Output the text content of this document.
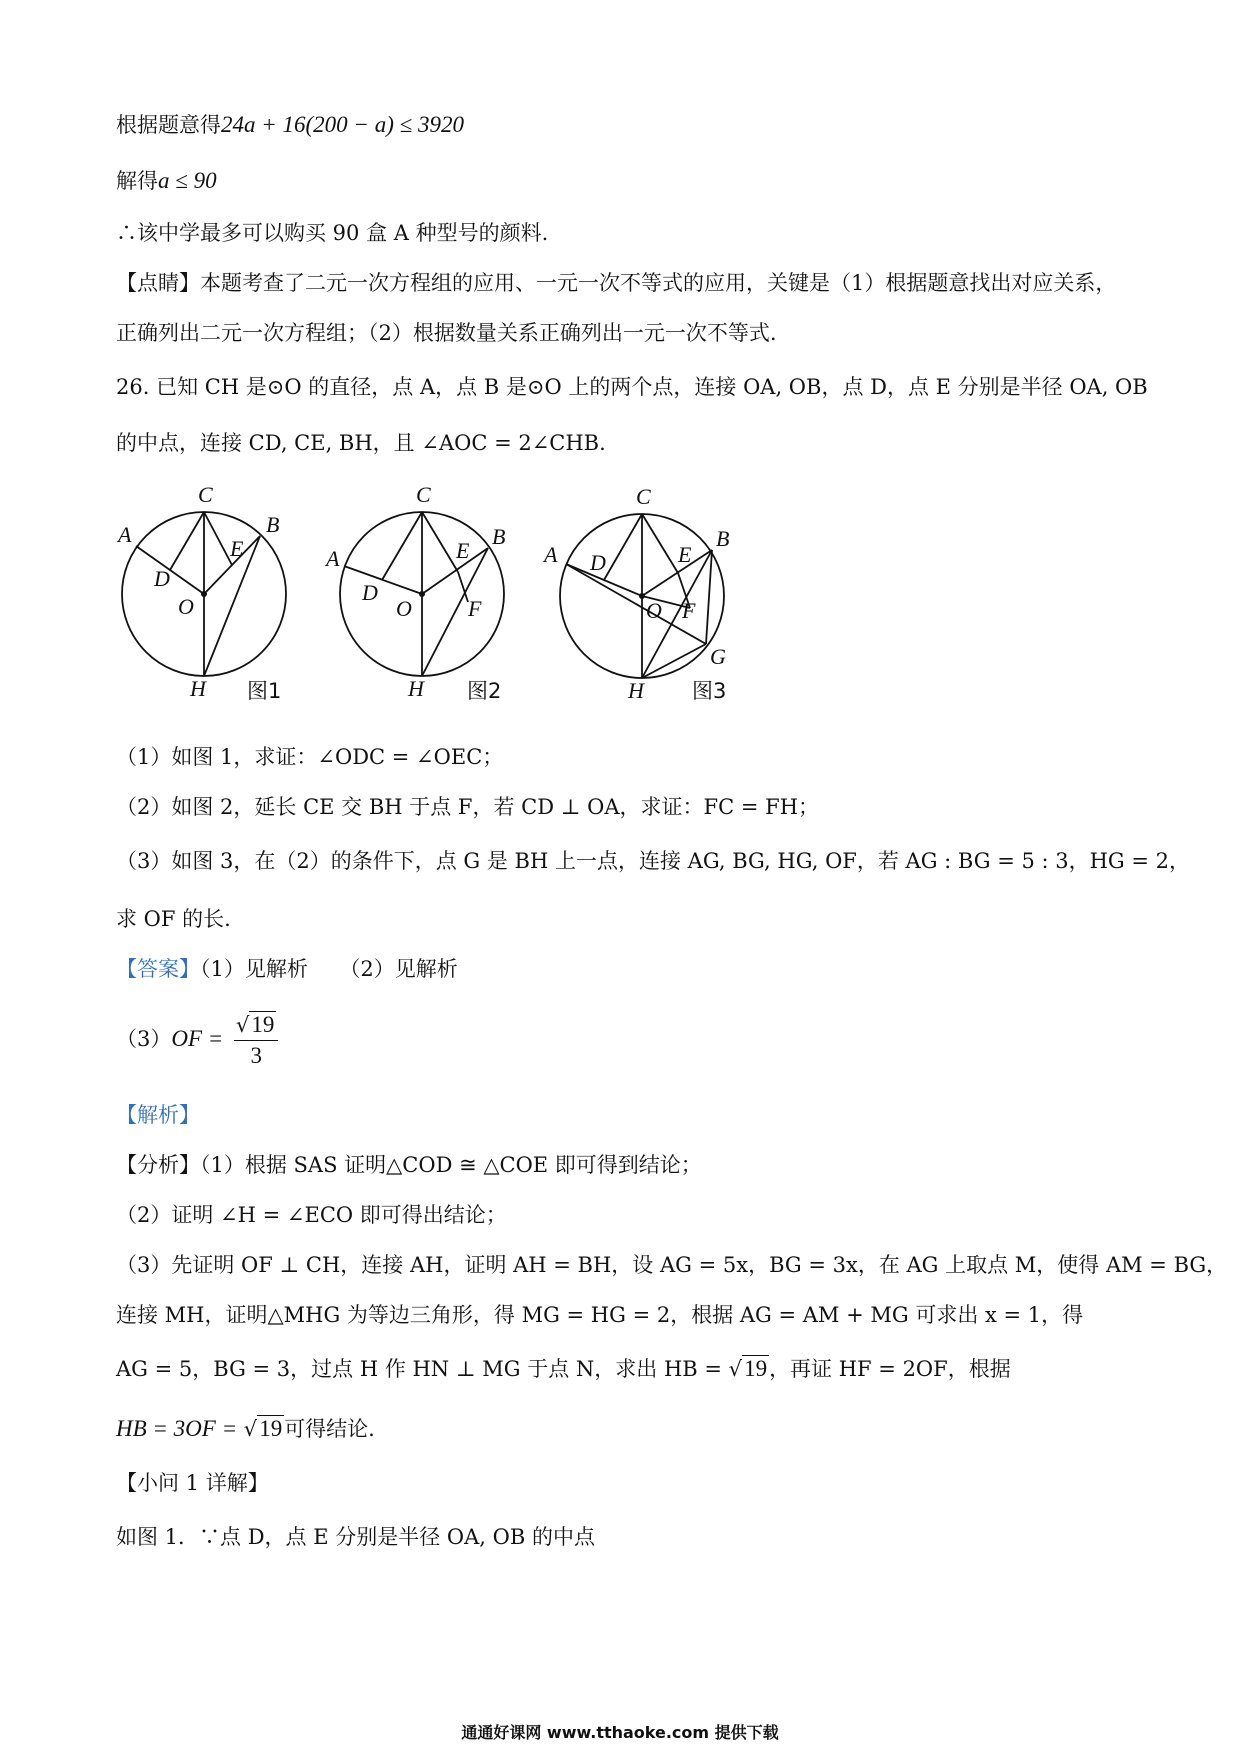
根据题意得24a + 16(200 − a) ≤ 3920
解得a ≤ 90
∴该中学最多可以购买 90 盒 A 种型号的颜料.
【点睛】本题考查了二元一次方程组的应用、一元一次不等式的应用，关键是（1）根据题意找出对应关系，
正确列出二元一次方程组；（2）根据数量关系正确列出一元一次不等式.
26. 已知 CH 是⊙O 的直径，点 A，点 B 是⊙O 上的两个点，连接 OA, OB，点 D，点 E 分别是半径 OA, OB
的中点，连接 CD, CE, BH，且 ∠AOC = 2∠CHB.
C
A	B
E
D
O
H 图1
C
A
B
E
D
O	F
H 图2
C
A D	E
B
O F
G
H 图3
（1）如图 1，求证：∠ODC = ∠OEC；
（2）如图 2，延长 CE 交 BH 于点 F，若 CD ⊥ OA，求证：FC = FH；
（3）如图 3，在（2）的条件下，点 G 是 BH 上一点，连接 AG, BG, HG, OF，若 AG : BG = 5 : 3，HG = 2，
求 OF 的长.
【答案】（1）见解析　　（2）见解析
$(3)OF = \frac{√19}{3}$
【解析】
【分析】（1）根据 SAS 证明△COD ≅ △COE 即可得到结论；
（2）证明 ∠H = ∠ECO 即可得出结论；
（3）先证明 OF ⊥ CH，连接 AH，证明 AH = BH，设 AG = 5x，BG = 3x，在 AG 上取点 M，使得 AM = BG，
连接 MH，证明△MHG 为等边三角形，得 MG = HG = 2，根据 AG = AM + MG 可求出 x = 1，得
AG = 5，BG = 3，过点 H 作 HN ⊥ MG 于点 N，求出 HB = √19，再证 HF = 2OF，根据
HB = 3OF = √19可得结论.
【小问 1 详解】
如图 1．∵点 D，点 E 分别是半径 OA, OB 的中点
通通好课网 www.tthaoke.com 提供下载
